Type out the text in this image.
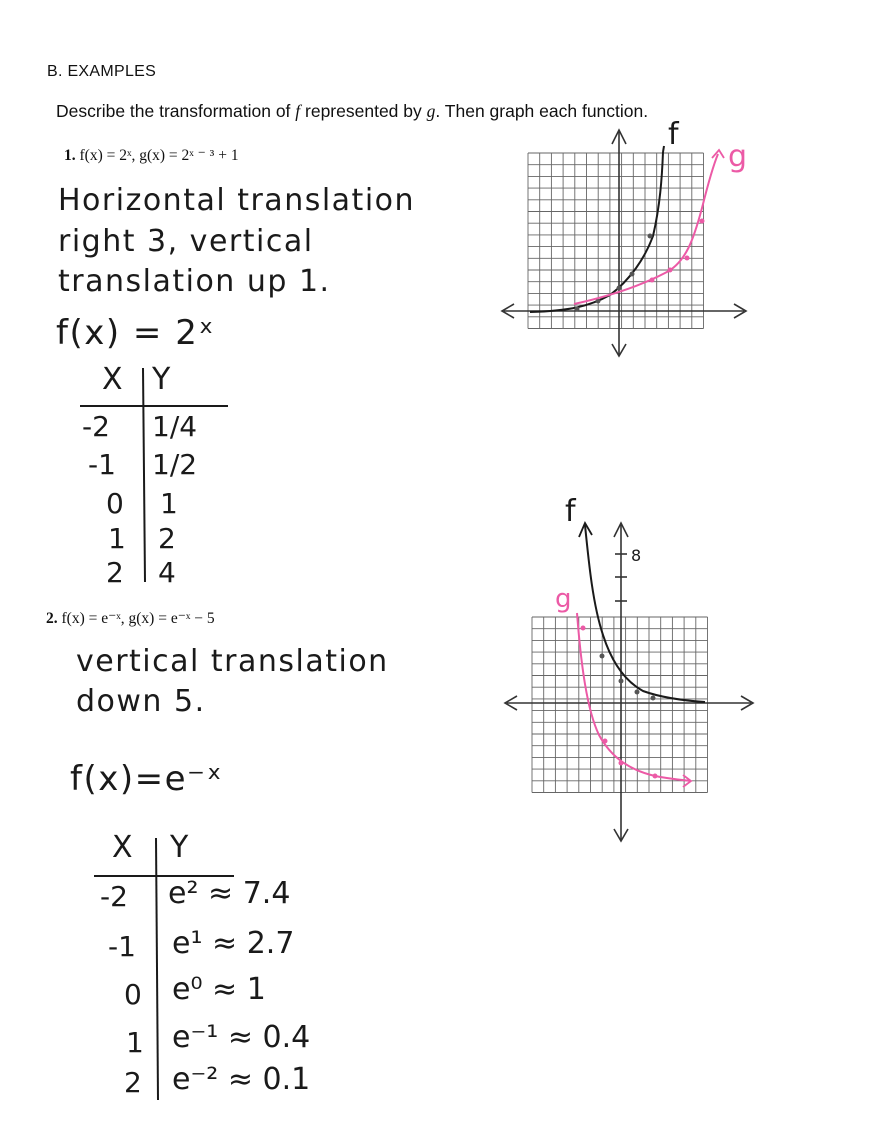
B. EXAMPLES
Describe the transformation of f represented by g. Then graph each function.
1. f(x) = 2ˣ, g(x) = 2ˣ ⁻ ³ + 1
Horizontal translation
right 3, vertical
translation up 1.
f(x) = 2ˣ
X Y
-2 1/4
-1 1/2
0 1
1 2
2 4
f
g
2. f(x) = e⁻ˣ, g(x) = e⁻ˣ − 5
vertical translation
down 5.
f(x)=e⁻ˣ
X Y
-2 e² ≈ 7.4
-1 e¹ ≈ 2.7
0 e⁰ ≈ 1
1 e⁻¹ ≈ 0.4
2 e⁻² ≈ 0.1
f
g
8
